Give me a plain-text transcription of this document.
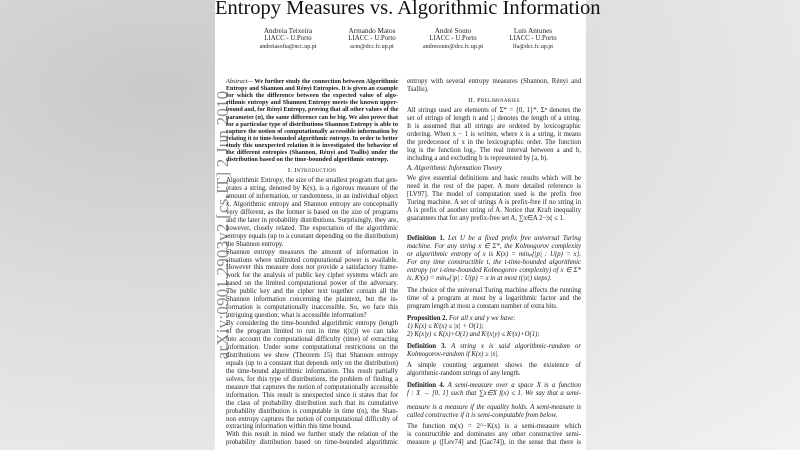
Entropy Measures vs. Algorithmic Information
arXiv:0901.2903v2 [cs.IT] 2 Jun 2010
Andreia Teixeira
LIACC - U.Porto
andreiasofia@ncc.up.pt
Armando Matos
LIACC - U.Porto
acm@dcc.fc.up.pt
André Souto
LIACC - U.Porto
andresouto@dcc.fc.up.pt
Luís Antunes
LIACC - U.Porto
lfa@dcc.fc.up.pt
Abstract— We further study the connection between Algorithmic
Entropy and Shannon and Rényi Entropies. It is given an example
for which the difference between the expected value of algo-
rithmic entropy and Shannon Entropy meets the known upper-
bound and, for Rényi Entropy, proving that all other values of the
parameter (α), the same difference can be big. We also prove that
for a particular type of distributions Shannon Entropy is able to
capture the notion of computationally accessible information by
relating it to time-bounded algorithmic entropy. In order to better
study this unexpected relation it is investigated the behavior of
the different entropies (Shannon, Rényi and Tsallis) under the
distribution based on the time-bounded algorithmic entropy.
I. Introduction
Algorithmic Entropy, the size of the smallest program that gen-
erates a string, denoted by K(x), is a rigorous measure of the
amount of information, or randomness, in an individual object
x. Algorithmic entropy and Shannon entropy are conceptually
very different, as the former is based on the size of programs
and the later in probability distributions. Surprisingly, they are,
however, closely related. The expectation of the algorithmic
entropy equals (up to a constant depending on the distribution)
the Shannon entropy.
Shannon entropy measures the amount of information in
situations where unlimited computational power is available.
However this measure does not provide a satisfactory frame-
work for the analysis of public key cipher systems which are
based on the limited computational power of the adversary.
The public key and the cipher text together contain all the
Shannon information concerning the plaintext, but the in-
formation is computationally inaccessible. So, we face this
intriguing question: what is accessible information?
By considering the time-bounded algorithmic entropy (length
of the program limited to run in time t(|x|)) we can take
into account the computational difficulty (time) of extracting
information. Under some computational restrictions on the
distributions we show (Theorem 15) that Shannon entropy
equals (up to a constant that depends only on the distribution)
the time-bound algorithmic information. This result partially
solves, for this type of distributions, the problem of finding a
measure that captures the notion of computationally accessible
information. This result is unexpected since it states that for
the class of probability distribution such that its cumulative
probability distribution is computable in time t(n), the Shan-
non entropy captures the notion of computational difficulty of
extracting information within this time bound.
With this result in mind we further study the relation of the
probability distribution based on time-bounded algorithmic
entropy with several entropy measures (Shannon, Rényi and
Tsallis).
II. Preliminaries
All strings used are elements of Σ* = {0, 1}*. Σⁿ denotes the
set of strings of length n and |.| denotes the length of a string.
It is assumed that all strings are ordered by lexicographic
ordering. When x − 1 is written, where x is a string, it means
the predecessor of x in the lexicographic order. The function
log is the function log₂. The real interval between a and b,
including a and excluding b is represented by [a, b).
A. Algorithmic Information Theory
We give essential definitions and basic results which will be
need in the rest of the paper. A more detailed reference is
[LV97]. The model of computation used is the prefix free
Turing machine. A set of strings A is prefix-free if no string in
A is prefix of another string of A. Notice that Kraft inequality
guarantees that for any prefix-free set A, ∑x∈A 2−|x| ≤ 1.
Definition 1. Let U be a fixed prefix free universal Turing
machine. For any string x ∈ Σ*, the Kolmogorov complexity
or algorithmic entropy of x is K(x) = minₚ{|p| : U(p) = x}.
For any time constructible t, the t-time-bounded algorithmic
entropy (or t-time-bounded Kolmogorov complexity) of x ∈ Σ*
is, Kᵗ(x) = minₚ{|p| : U(p) = x in at most t(|x|) steps}.
The choice of the universal Turing machine affects the running
time of a program at most by a logarithmic factor and the
program length at most a constant number of extra bits.
Proposition 2. For all x and y we have:
1) K(x) ≤ Kᵗ(x) ≤ |x| + O(1);
2) K(x|y) ≤ K(x)+O(1) and Kᵗ(x|y) ≤ Kᵗ(x)+O(1);
Definition 3. A string x is said algorithmic-random or
Kolmogorov-random if K(x) ≥ |x|.
A simple counting argument shows the existence of
algorithmic-random strings of any length.
Definition 4. A semi-measure over a space X is a function
f : X → [0, 1] such that ∑x∈X f(x) ≤ 1. We say that a semi-
measure is a measure if the equality holds. A semi-measure is
called constructive if it is semi-computable from below.
The function m(x) = 2^−K(x) is a semi-measure which
is constructible and dominates any other constructive semi-
measure μ ([Lev74] and [Gac74]), in the sense that there is
